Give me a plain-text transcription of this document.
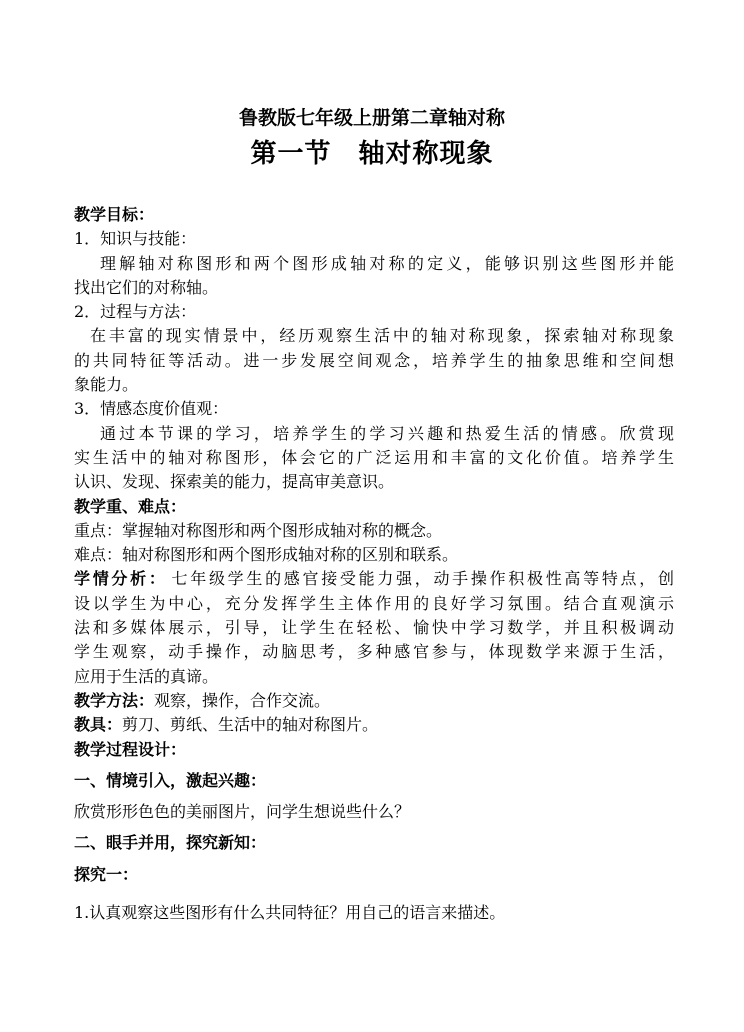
鲁教版七年级上册第二章轴对称
第一节　轴对称现象
教学目标：
1．知识与技能：
理解轴对称图形和两个图形成轴对称的定义，能够识别这些图形并能
找出它们的对称轴。
2．过程与方法：
在丰富的现实情景中，经历观察生活中的轴对称现象，探索轴对称现象
的共同特征等活动。进一步发展空间观念，培养学生的抽象思维和空间想
象能力。
3．情感态度价值观：
通过本节课的学习，培养学生的学习兴趣和热爱生活的情感。欣赏现
实生活中的轴对称图形，体会它的广泛运用和丰富的文化价值。培养学生
认识、发现、探索美的能力，提高审美意识。
教学重、难点：
重点：掌握轴对称图形和两个图形成轴对称的概念。
难点：轴对称图形和两个图形成轴对称的区别和联系。
学情分析： 七年级学生的感官接受能力强，动手操作积极性高等特点，创
设以学生为中心，充分发挥学生主体作用的良好学习氛围。结合直观演示
法和多媒体展示，引导，让学生在轻松、愉快中学习数学，并且积极调动
学生观察，动手操作，动脑思考，多种感官参与，体现数学来源于生活，
应用于生活的真谛。
教学方法：观察，操作，合作交流。
教具：剪刀、剪纸、生活中的轴对称图片。
教学过程设计：
一、情境引入，激起兴趣：
欣赏形形色色的美丽图片，问学生想说些什么？
二、眼手并用，探究新知：
探究一：
1.认真观察这些图形有什么共同特征？用自己的语言来描述。
